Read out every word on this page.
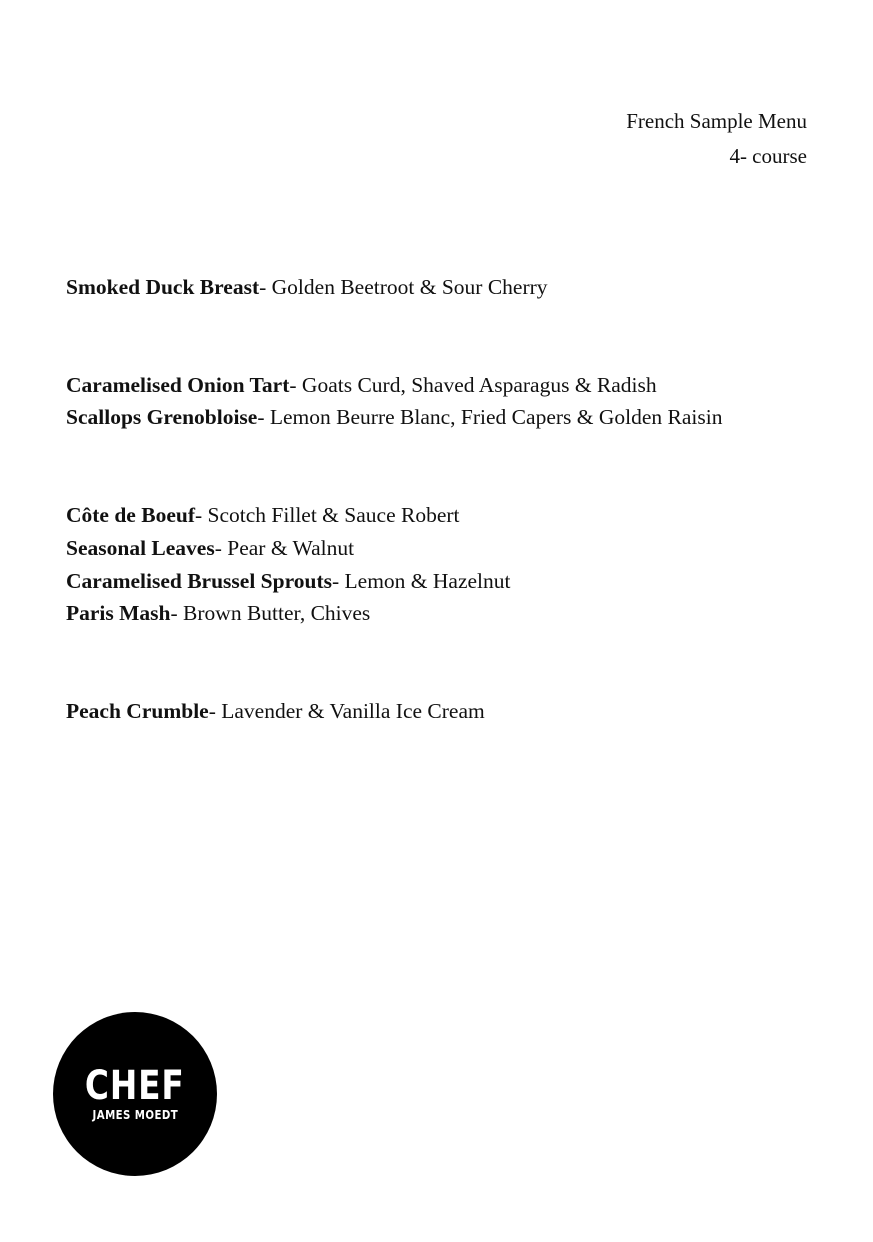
French Sample Menu
4- course
Smoked Duck Breast- Golden Beetroot & Sour Cherry
Caramelised Onion Tart- Goats Curd, Shaved Asparagus & Radish
Scallops Grenobloise- Lemon Beurre Blanc, Fried Capers & Golden Raisin
Côte de Boeuf- Scotch Fillet & Sauce Robert
Seasonal Leaves- Pear & Walnut
Caramelised Brussel Sprouts- Lemon & Hazelnut
Paris Mash- Brown Butter, Chives
Peach Crumble- Lavender & Vanilla Ice Cream
CHEF
JAMES MOEDT
